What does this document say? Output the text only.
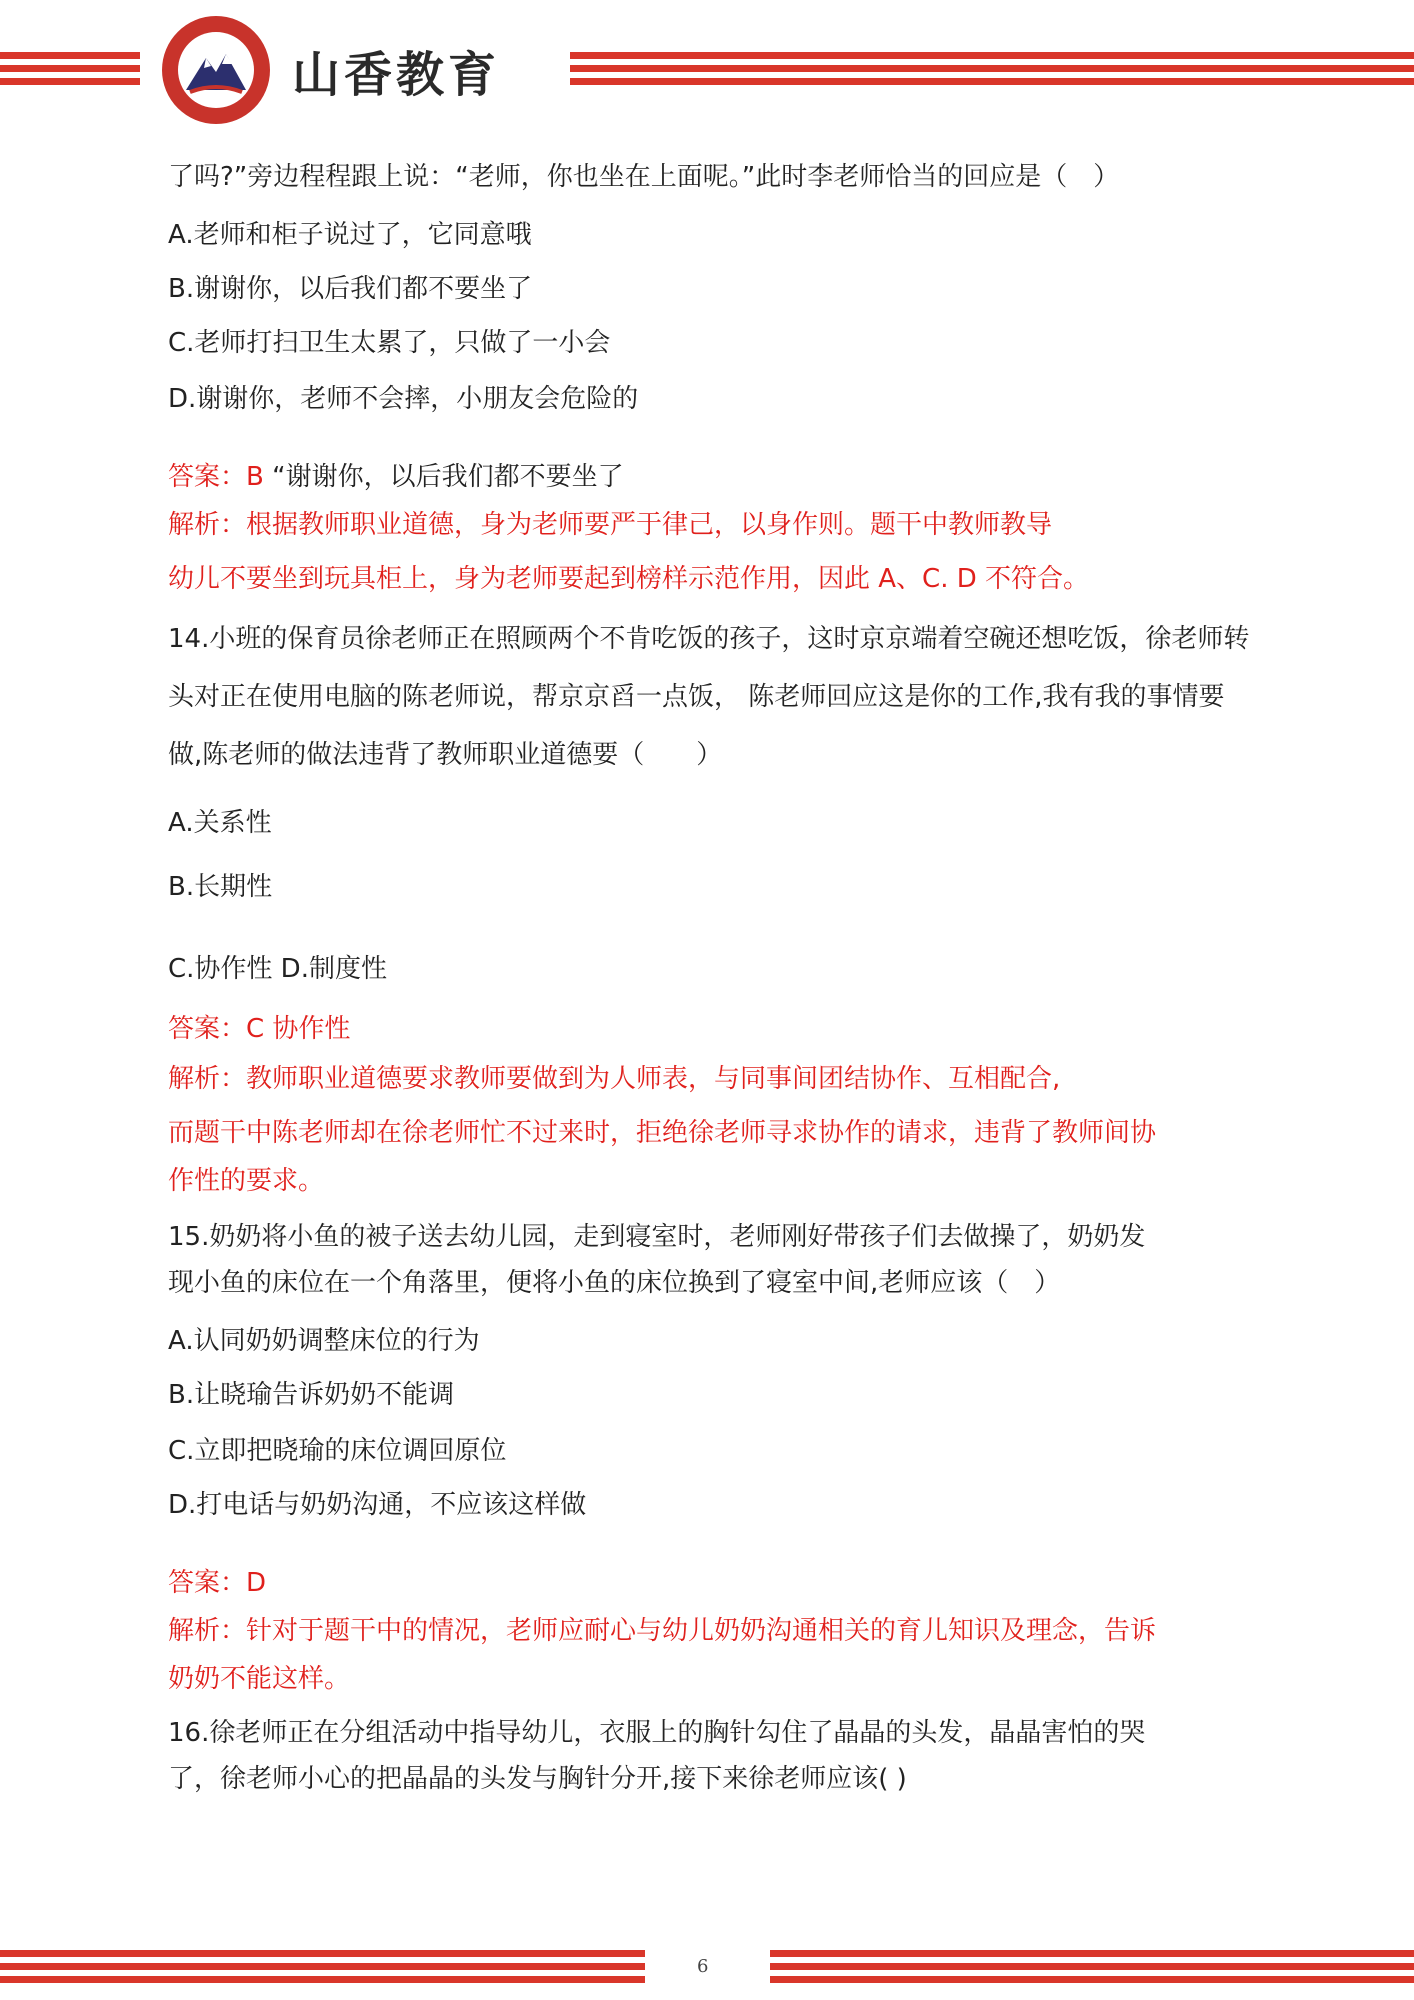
山香教育
了吗?”旁边程程跟上说：“老师，你也坐在上面呢。”此时李老师恰当的回应是（　）
A.老师和柜子说过了，它同意哦
B.谢谢你，以后我们都不要坐了
C.老师打扫卫生太累了，只做了一小会
D.谢谢你，老师不会摔，小朋友会危险的
答案：B “谢谢你，以后我们都不要坐了
解析：根据教师职业道德，身为老师要严于律己，以身作则。题干中教师教导
幼儿不要坐到玩具柜上，身为老师要起到榜样示范作用，因此 A、C. D 不符合。
14.小班的保育员徐老师正在照顾两个不肯吃饭的孩子，这时京京端着空碗还想吃饭，徐老师转
头对正在使用电脑的陈老师说，帮京京舀一点饭， 陈老师回应这是你的工作,我有我的事情要
做,陈老师的做法违背了教师职业道德要（　　）
A.关系性
B.长期性
C.协作性 D.制度性
答案：C 协作性
解析：教师职业道德要求教师要做到为人师表，与同事间团结协作、互相配合,
而题干中陈老师却在徐老师忙不过来时，拒绝徐老师寻求协作的请求，违背了教师间协
作性的要求。
15.奶奶将小鱼的被子送去幼儿园，走到寝室时，老师刚好带孩子们去做操了，奶奶发
现小鱼的床位在一个角落里，便将小鱼的床位换到了寝室中间,老师应该（　）
A.认同奶奶调整床位的行为
B.让晓瑜告诉奶奶不能调
C.立即把晓瑜的床位调回原位
D.打电话与奶奶沟通，不应该这样做
答案：D
解析：针对于题干中的情况，老师应耐心与幼儿奶奶沟通相关的育儿知识及理念，告诉
奶奶不能这样。
16.徐老师正在分组活动中指导幼儿，衣服上的胸针勾住了晶晶的头发，晶晶害怕的哭
了，徐老师小心的把晶晶的头发与胸针分开,接下来徐老师应该( )
6
